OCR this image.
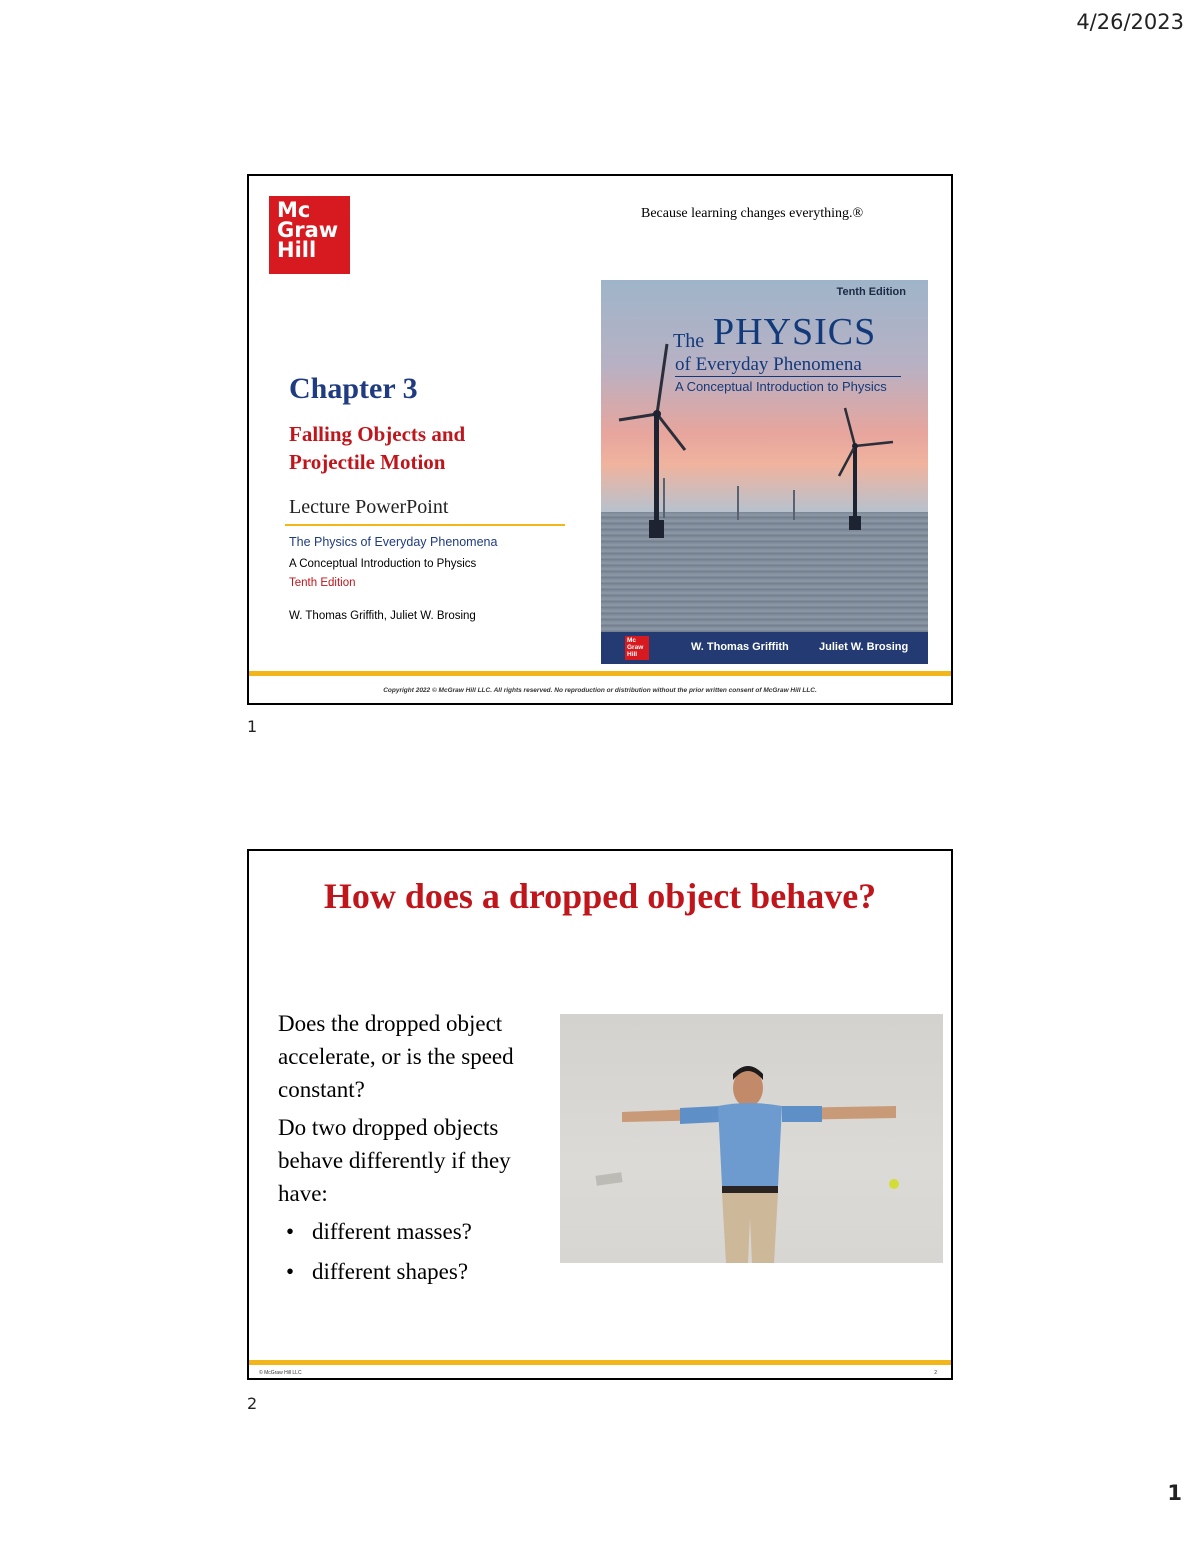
4/26/2023
Mc
Graw
Hill
Because learning changes everything.®
Chapter 3
Falling Objects and Projectile Motion
Lecture PowerPoint
The Physics of Everyday Phenomena
A Conceptual Introduction to Physics
Tenth Edition
W. Thomas Griffith, Juliet W. Brosing
Tenth Edition
PHYSICS
The
of Everyday Phenomena
A Conceptual Introduction to Physics
Mc
Graw
Hill
W. Thomas Griffith	Juliet W. Brosing
Copyright 2022 © McGraw Hill LLC. All rights reserved. No reproduction or distribution without the prior written consent of McGraw Hill LLC.
1
How does a dropped object behave?

Does the dropped object accelerate, or is the speed constant?

Do two dropped objects behave differently if they have:

• different masses?
• different shapes?
© McGraw Hill LLC	2
2
1
